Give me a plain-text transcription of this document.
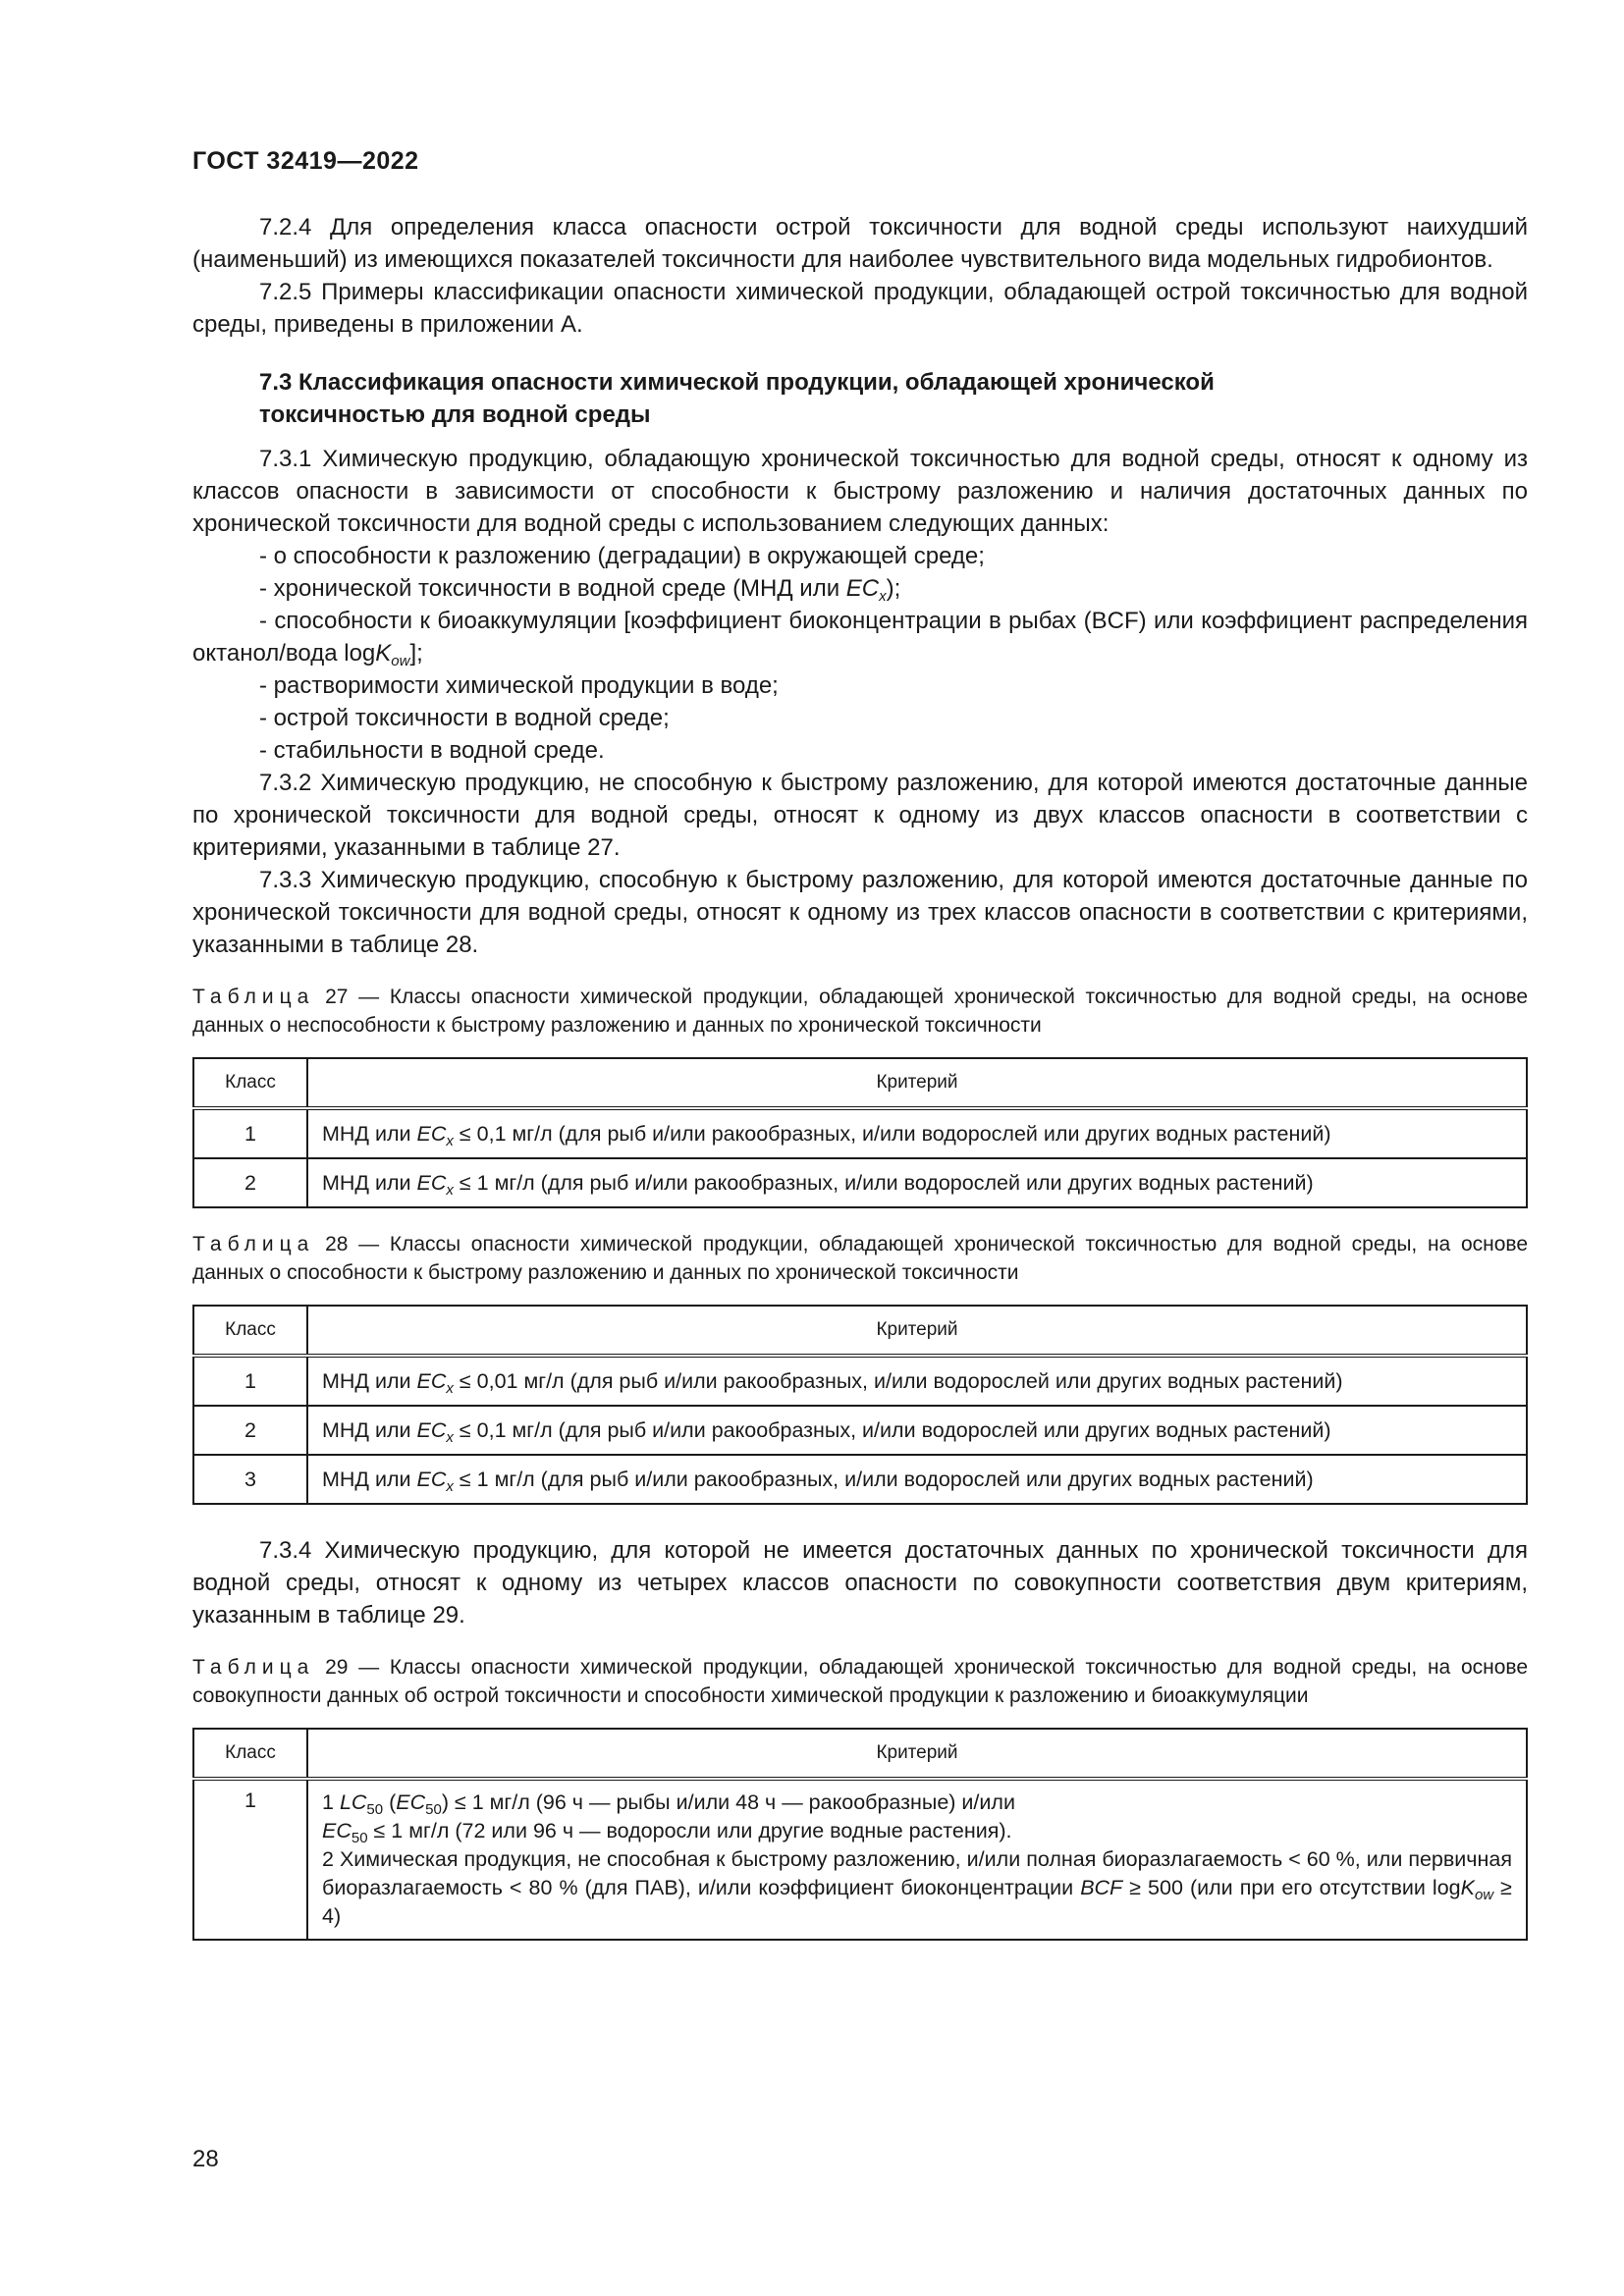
ГОСТ 32419—2022

7.2.4 Для определения класса опасности острой токсичности для водной среды используют наихудший (наименьший) из имеющихся показателей токсичности для наиболее чувствительного вида модельных гидробионтов.

7.2.5 Примеры классификации опасности химической продукции, обладающей острой токсичностью для водной среды, приведены в приложении А.

7.3 Классификация опасности химической продукции, обладающей хронической токсичностью для водной среды

7.3.1 Химическую продукцию, обладающую хронической токсичностью для водной среды, относят к одному из классов опасности в зависимости от способности к быстрому разложению и наличия достаточных данных по хронической токсичности для водной среды с использованием следующих данных:

- о способности к разложению (деградации) в окружающей среде;

- хронической токсичности в водной среде (МНД или $EC_x$);

- способности к биоаккумуляции [коэффициент биоконцентрации в рыбах (BCF) или коэффициент распределения октанол/вода logK$_{ow}$];

- растворимости химической продукции в воде;

- острой токсичности в водной среде;

- стабильности в водной среде.

7.3.2 Химическую продукцию, не способную к быстрому разложению, для которой имеются достаточные данные по хронической токсичности для водной среды, относят к одному из двух классов опасности в соответствии с критериями, указанными в таблице 27.

7.3.3 Химическую продукцию, способную к быстрому разложению, для которой имеются достаточные данные по хронической токсичности для водной среды, относят к одному из трех классов опасности в соответствии с критериями, указанными в таблице 28.

Таблица 27 — Классы опасности химической продукции, обладающей хронической токсичностью для водной среды, на основе данных о неспособности к быстрому разложению и данных по хронической токсичности
Класс	Критерий
1	МНД или $EC_x \le 0,1$ мг/л (для рыб и/или ракообразных, и/или водорослей или других водных растений)
2	МНД или $EC_x \le 1$ мг/л (для рыб и/или ракообразных, и/или водорослей или других водных растений)
Таблица 28 — Классы опасности химической продукции, обладающей хронической токсичностью для водной среды, на основе данных о способности к быстрому разложению и данных по хронической токсичности
Класс	Критерий
1	МНД или $EC_x \le 0,01$ мг/л (для рыб и/или ракообразных, и/или водорослей или других водных растений)
2	МНД или $EC_x \le 0,1$ мг/л (для рыб и/или ракообразных, и/или водорослей или других водных растений)
3	МНД или $EC_x \le 1$ мг/л (для рыб и/или ракообразных, и/или водорослей или других водных растений)

7.3.4 Химическую продукцию, для которой не имеется достаточных данных по хронической токсичности для водной среды, относят к одному из четырех классов опасности по совокупности соответствия двум критериям, указанным в таблице 29.

Таблица 29 — Классы опасности химической продукции, обладающей хронической токсичностью для водной среды, на основе совокупности данных об острой токсичности и способности химической продукции к разложению и биоаккумуляции
Класс	Критерий
1	1 $LC_{50}$ $(EC_{50}) \le 1$ мг/л (96 ч — рыбы и/или 48 ч — ракообразные) и/или
$EC_{50} \le 1$ мг/л (72 или 96 ч — водоросли или другие водные растения).
2 Химическая продукция, не способная к быстрому разложению, и/или полная биоразлагаемость < 60 %, или первичная биоразлагаемость < 80 % (для ПАВ), и/или коэффициент биоконцентрации BCF ≥ 500 (или при его отсутствии logK$_{ow}$ ≥ 4)
28
